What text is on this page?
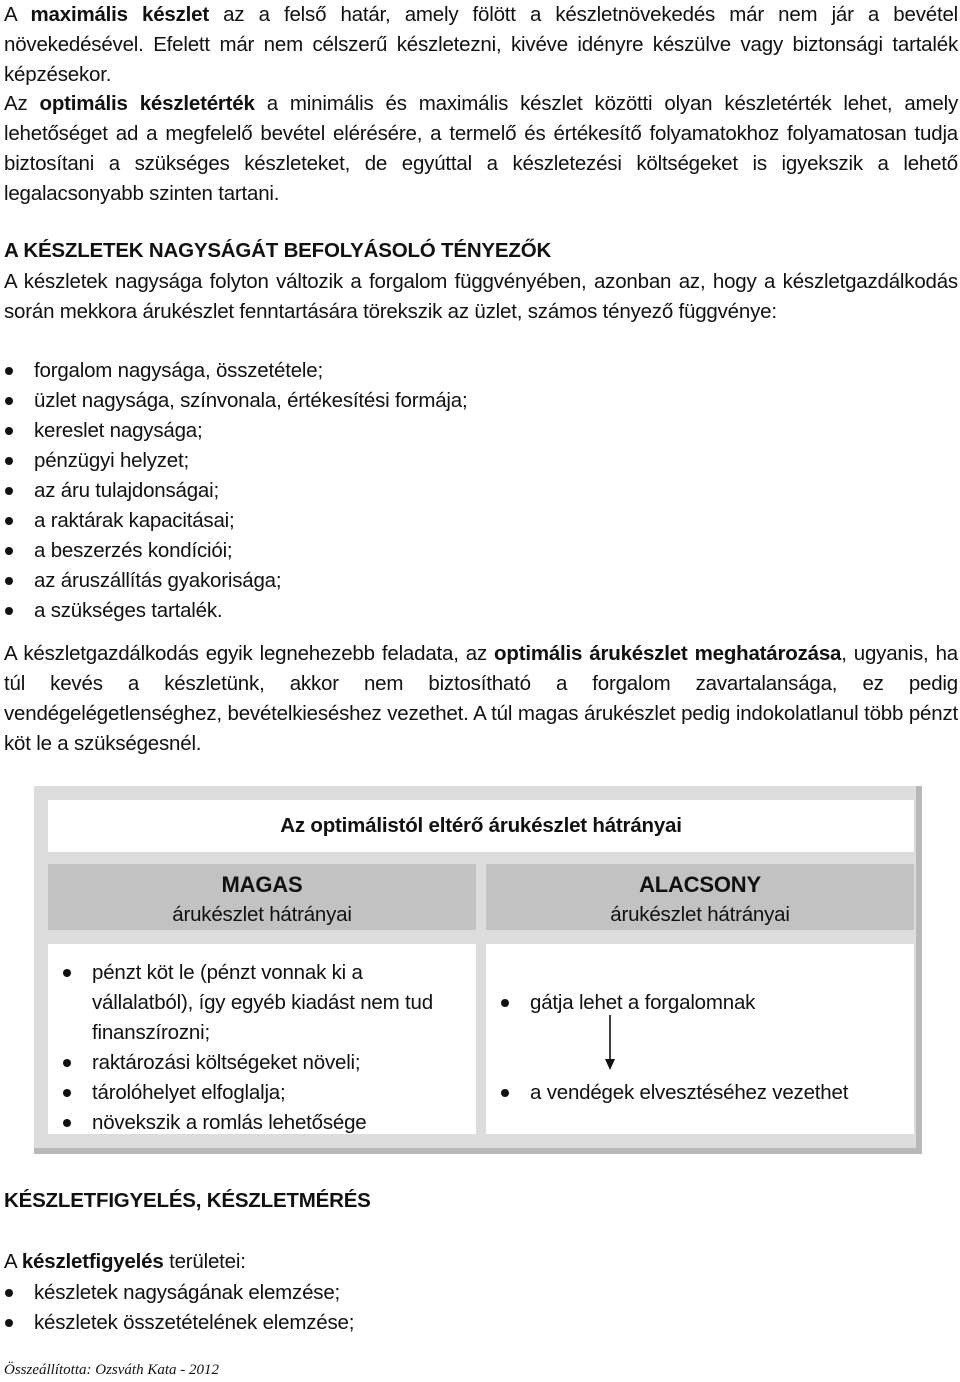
A maximális készlet az a felső határ, amely fölött a készletnövekedés már nem jár a bevétel növekedésével. Efelett már nem célszerű készletezni, kivéve idényre készülve vagy biztonsági tartalék képzésekor.

Az optimális készletérték a minimális és maximális készlet közötti olyan készletérték lehet, amely lehetőséget ad a megfelelő bevétel elérésére, a termelő és értékesítő folyamatokhoz folyamatosan tudja biztosítani a szükséges készleteket, de egyúttal a készletezési költségeket is igyekszik a lehető legalacsonyabb szinten tartani.

A KÉSZLETEK NAGYSÁGÁT BEFOLYÁSOLÓ TÉNYEZŐK

A készletek nagysága folyton változik a forgalom függvényében, azonban az, hogy a készletgazdálkodás során mekkora árukészlet fenntartására törekszik az üzlet, számos tényező függvénye:

forgalom nagysága, összetétele;
üzlet nagysága, színvonala, értékesítési formája;
kereslet nagysága;
pénzügyi helyzet;
az áru tulajdonságai;
a raktárak kapacitásai;
a beszerzés kondíciói;
az áruszállítás gyakorisága;
a szükséges tartalék.

A készletgazdálkodás egyik legnehezebb feladata, az optimális árukészlet meghatározása, ugyanis, ha túl kevés a készletünk, akkor nem biztosítható a forgalom zavartalansága, ez pedig vendégelégetlenséghez, bevételkieséshez vezethet. A túl magas árukészlet pedig indokolatlanul több pénzt köt le a szükségesnél.

Az optimálistól eltérő árukészlet hátrányai
MAGAS
árukészlet hátrányai
ALACSONY
árukészlet hátrányai
pénzt köt le (pénzt vonnak ki a vállalatból), így egyéb kiadást nem tud finanszírozni;
raktározási költségeket növeli;
tárolóhelyet elfoglalja;
növekszik a romlás lehetősége
gátja lehet a forgalomnak
a vendégek elvesztéséhez vezethet
KÉSZLETFIGYELÉS, KÉSZLETMÉRÉS

A készletfigyelés területei:

készletek nagyságának elemzése;
készletek összetételének elemzése;
Összeállította: Ozsváth Kata - 2012
